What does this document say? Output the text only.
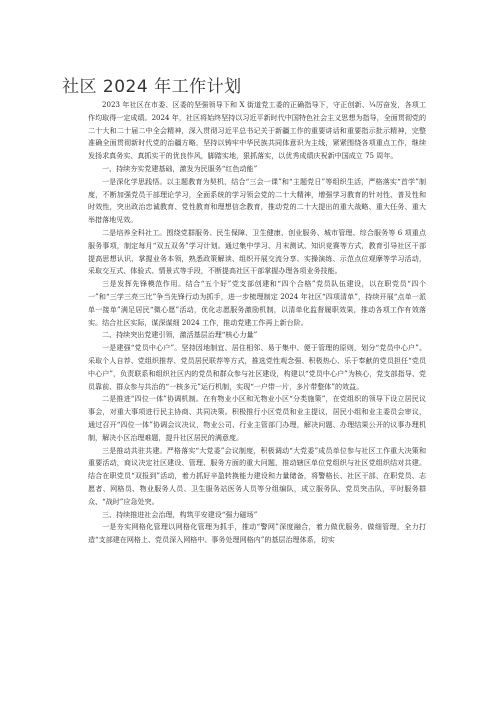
社区 2024 年工作计划

2023 年社区在市委、区委的坚强领导下和 X 街道党工委的正确指导下，守正创新、¼厉奋发，各项工作均取得一定成绩。2024 年，社区将始终坚持以习近平新时代中国特色社会主义思想为指导，全面贯彻党的二十大和二十届二中全会精神，深入贯彻习近平总书记关于新疆工作的重要讲话和重要指示批示精神，完整准确全面贯彻新时代党的治疆方略，坚持以铸牢中华民族共同体意识为主线，紧紧围绕各项重点工作，继续发扬求真务实、真抓实干的优良作风，脚踏实地，狠抓落实，以优秀成绩庆祝新中国成立 75 周年。

一、持续夯实党建基础，激发为民服务“红色动能”

一是深化学思践悟。以主题教育为契机，结合“三会一课”和“主题党日”等组织生活，严格落实“首学”制度，不断加强党员干部理论学习，全面系统的学习领会党的二十大精神，增强学习教育的针对性、普及性和时效性，突出政治忠诚教育、党性教育和理想信念教育，推动党的二十大提出的重大战略、重大任务、重大举措落地见效。

二是培养全科社工。围绕党群服务、民生保障、卫生健康、创业服务、城市管理、综合服务等 6 项重点服务事项，制定每月“双五双务”学习计划。通过集中学习、月末测试、知识竞赛等方式，教育引导社区干部提高思想认识、掌握业务本领，熟悉政策解读、组织开展交流分享、实操演练、示范点位观摩等学习活动，采取交互式、体验式、情景式等手段，不断提高社区干部掌握办理各项业务技能。

三是发挥先锋模范作用。结合“五个好”党支部创建和“四个合格”党员队伍建设，以在职党员“四个一”和“三学三亮三比”争当先锋行动为抓手，进一步梳理制定 2024 年社区“四项清单”，持续开展“点单一派单一接单”满足居民“微心愿”活动，优化志愿服务激励机制，以清单化监督履职效果，推动各项工作有效落实。结合社区实际，谋深谋细 2024 工作，推动党建工作再上新台阶。

二、持续突出党建引领，激活基层治理“核心力量”

一是建强“党员中心户”。坚持因地制宜、居住相邻、易于集中、便于管理的原则，划分“党员中心户”。采取个人自荐、党组织推荐、党员居民联荐等方式，推选党性观念强、积极热心、乐于奉献的党员担任“党员中心户”，负责联系和组织社区内的党员和群众参与社区建设，构建以“党员中心户”为核心，党支部指导、党员靠前、群众参与共治的“一核多元”运行机制，实现“一户带一片，多片带整体”的效益。

二是推进“四位一体”协调机制。在有物业小区和无物业小区“分类施策”，在党组织的领导下设立居民议事会，对重大事项进行民主协商、共同决策。积极推行小区党员和业主提议，居民小组和业主委员会审议，通过召开“四位一体”协调会议决议，物业公司、行业主管部门办理，解决问题、办理结果公开的议事办理机制，解决小区治理难题，提升社区居民的满意度。

三是推动共驻共建。严格落实“大党委”会议制度，积极调动“大党委”成员单位参与社区工作重大决策和重要活动，商议决定社区建设、管理、服务方面的重大问题，推动辖区单位党组织与社区党组织结对共建。结合在职党员“双报到”活动，着力抓好辛盈转换能力建设和力量储备，将警格长、社区干部、在职党员、志愿者、网格员、物业服务人员、卫生服务站医务人员等分组编队，成立服务队、党员突击队，平时服务群众、“战时”应急处突。

三、持续推进社会治理，构筑平安建设“强力磁场”

一是夯实网格化管理以网格化管理为抓手，推动“警网”深度融合，着力做优服务、做细管理，全力打造“支部建在网格上、党员深入网格中、事务处理网格内”的基层治理体系，切实
